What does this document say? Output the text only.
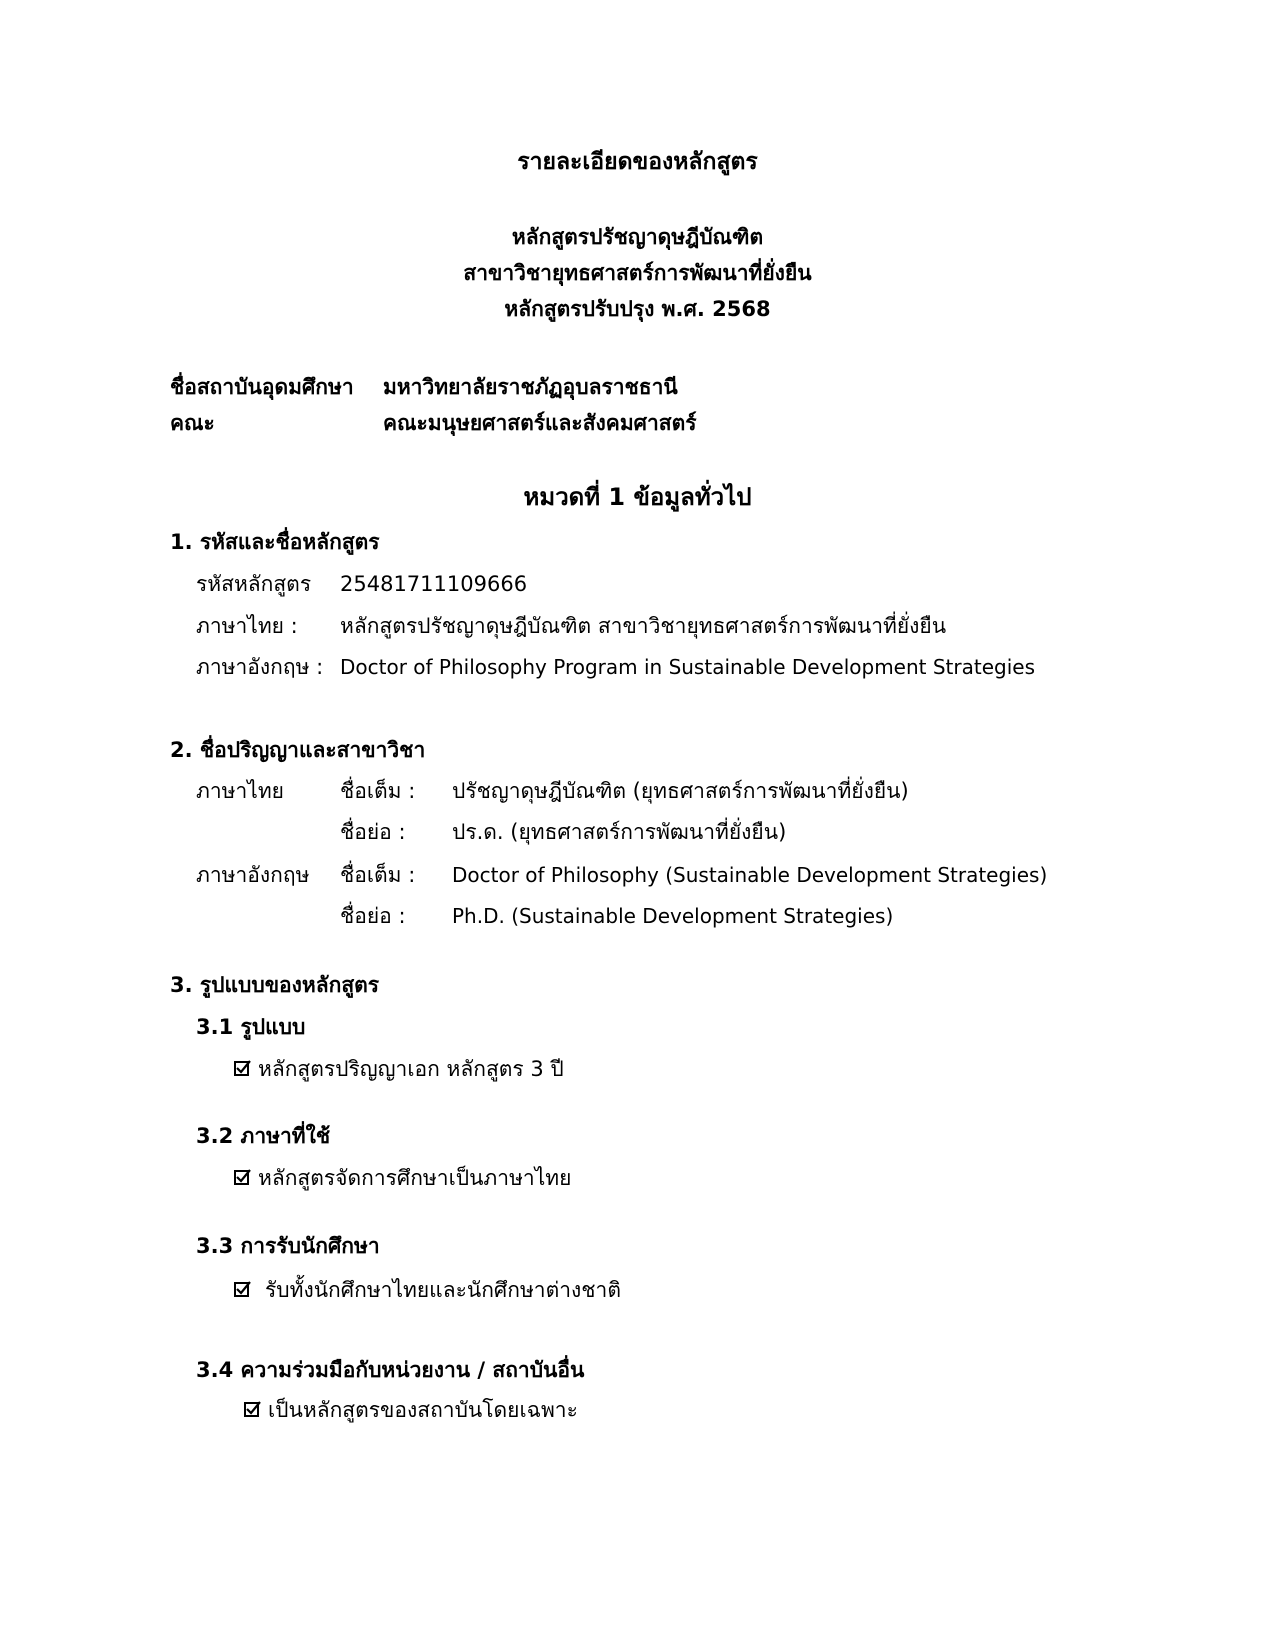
รายละเอียดของหลักสูตร
หลักสูตรปรัชญาดุษฎีบัณฑิต
สาขาวิชายุทธศาสตร์การพัฒนาที่ยั่งยืน
หลักสูตรปรับปรุง พ.ศ. 2568
ชื่อสถาบันอุดมศึกษา มหาวิทยาลัยราชภัฏอุบลราชธานี
คณะ	คณะมนุษยศาสตร์และสังคมศาสตร์
หมวดที่ 1 ข้อมูลทั่วไป
1. รหัสและชื่อหลักสูตร
รหัสหลักสูตร 25481711109666
ภาษาไทย : หลักสูตรปรัชญาดุษฎีบัณฑิต สาขาวิชายุทธศาสตร์การพัฒนาที่ยั่งยืน
ภาษาอังกฤษ : Doctor of Philosophy Program in Sustainable Development Strategies
2. ชื่อปริญญาและสาขาวิชา
ภาษาไทย	ชื่อเต็ม : ปรัชญาดุษฎีบัณฑิต (ยุทธศาสตร์การพัฒนาที่ยั่งยืน)
ชื่อย่อ : ปร.ด. (ยุทธศาสตร์การพัฒนาที่ยั่งยืน)
ภาษาอังกฤษ ชื่อเต็ม : Doctor of Philosophy (Sustainable Development Strategies)
ชื่อย่อ : Ph.D. (Sustainable Development Strategies)
3. รูปแบบของหลักสูตร
3.1 รูปแบบ
หลักสูตรปริญญาเอก หลักสูตร 3 ปี
3.2 ภาษาที่ใช้
หลักสูตรจัดการศึกษาเป็นภาษาไทย
3.3 การรับนักศึกษา
รับทั้งนักศึกษาไทยและนักศึกษาต่างชาติ
3.4 ความร่วมมือกับหน่วยงาน / สถาบันอื่น
เป็นหลักสูตรของสถาบันโดยเฉพาะ
